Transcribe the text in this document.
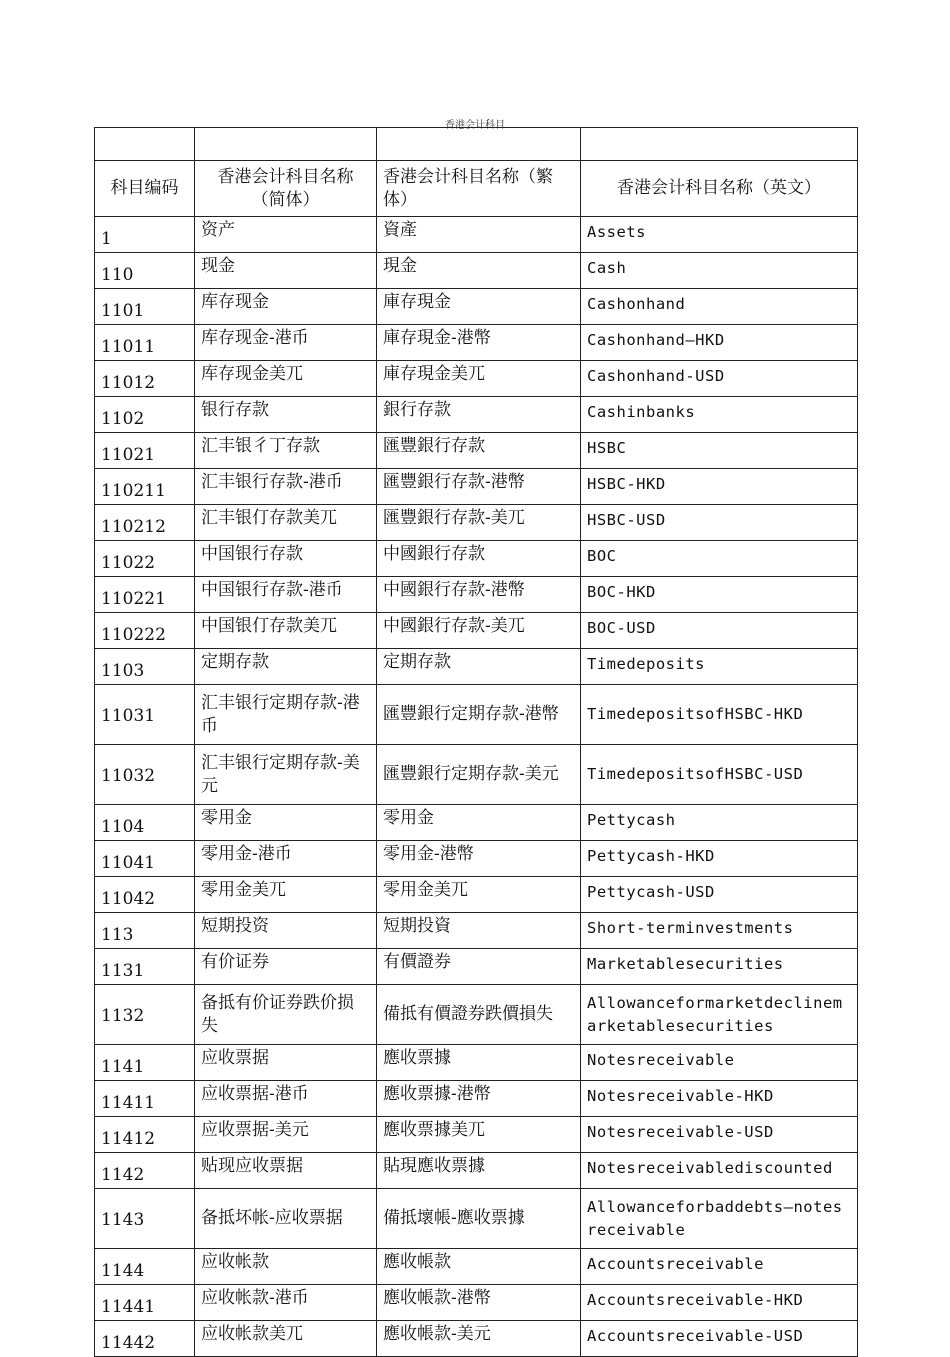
香港会计科目

科目编码	香港会计科目名称（简体）	香港会计科目名称（繁体）	香港会计科目名称（英文）
1	资产	資產	Assets
110	现金	現金	Cash
1101	库存现金	庫存現金	Cashonhand
11011	库存现金-港币	庫存現金-港幣	Cashonhand—HKD
11012	库存现金美兀	庫存現金美兀	Cashonhand-USD
1102	银行存款	銀行存款	Cashinbanks
11021	汇丰银彳丁存款	匯豐銀行存款	HSBC
110211	汇丰银行存款-港币	匯豐銀行存款-港幣	HSBC-HKD
110212	汇丰银仃存款美兀	匯豐銀行存款-美兀	HSBC-USD
11022	中国银行存款	中國銀行存款	BOC
110221	中国银行存款-港币	中國銀行存款-港幣	BOC-HKD
110222	中国银仃存款美兀	中國銀行存款-美兀	BOC-USD
1103	定期存款	定期存款	Timedeposits
11031	汇丰银行定期存款-港币	匯豐銀行定期存款-港幣	TimedepositsofHSBC-HKD
11032	汇丰银行定期存款-美元	匯豐銀行定期存款-美元	TimedepositsofHSBC-USD
1104	零用金	零用金	Pettycash
11041	零用金-港币	零用金-港幣	Pettycash-HKD
11042	零用金美兀	零用金美兀	Pettycash-USD
113	短期投资	短期投資	Short-terminvestments
1131	有价证券	有價證券	Marketablesecurities
1132	备抵有价证券跌价损失	備抵有價證券跌價損失	Allowanceformarketdeclinemarketablesecurities
1141	应收票据	應收票據	Notesreceivable
11411	应收票据-港币	應收票據-港幣	Notesreceivable-HKD
11412	应收票据-美元	應收票據美兀	Notesreceivable-USD
1142	贴现应收票据	貼現應收票據	Notesreceivablediscounted
1143	备抵坏帐-应收票据	備抵壞帳-應收票據	Allowanceforbaddebts—notesreceivable
1144	应收帐款	應收帳款	Accountsreceivable
11441	应收帐款-港币	應收帳款-港幣	Accountsreceivable-HKD
11442	应收帐款美兀	應收帳款-美元	Accountsreceivable-USD
